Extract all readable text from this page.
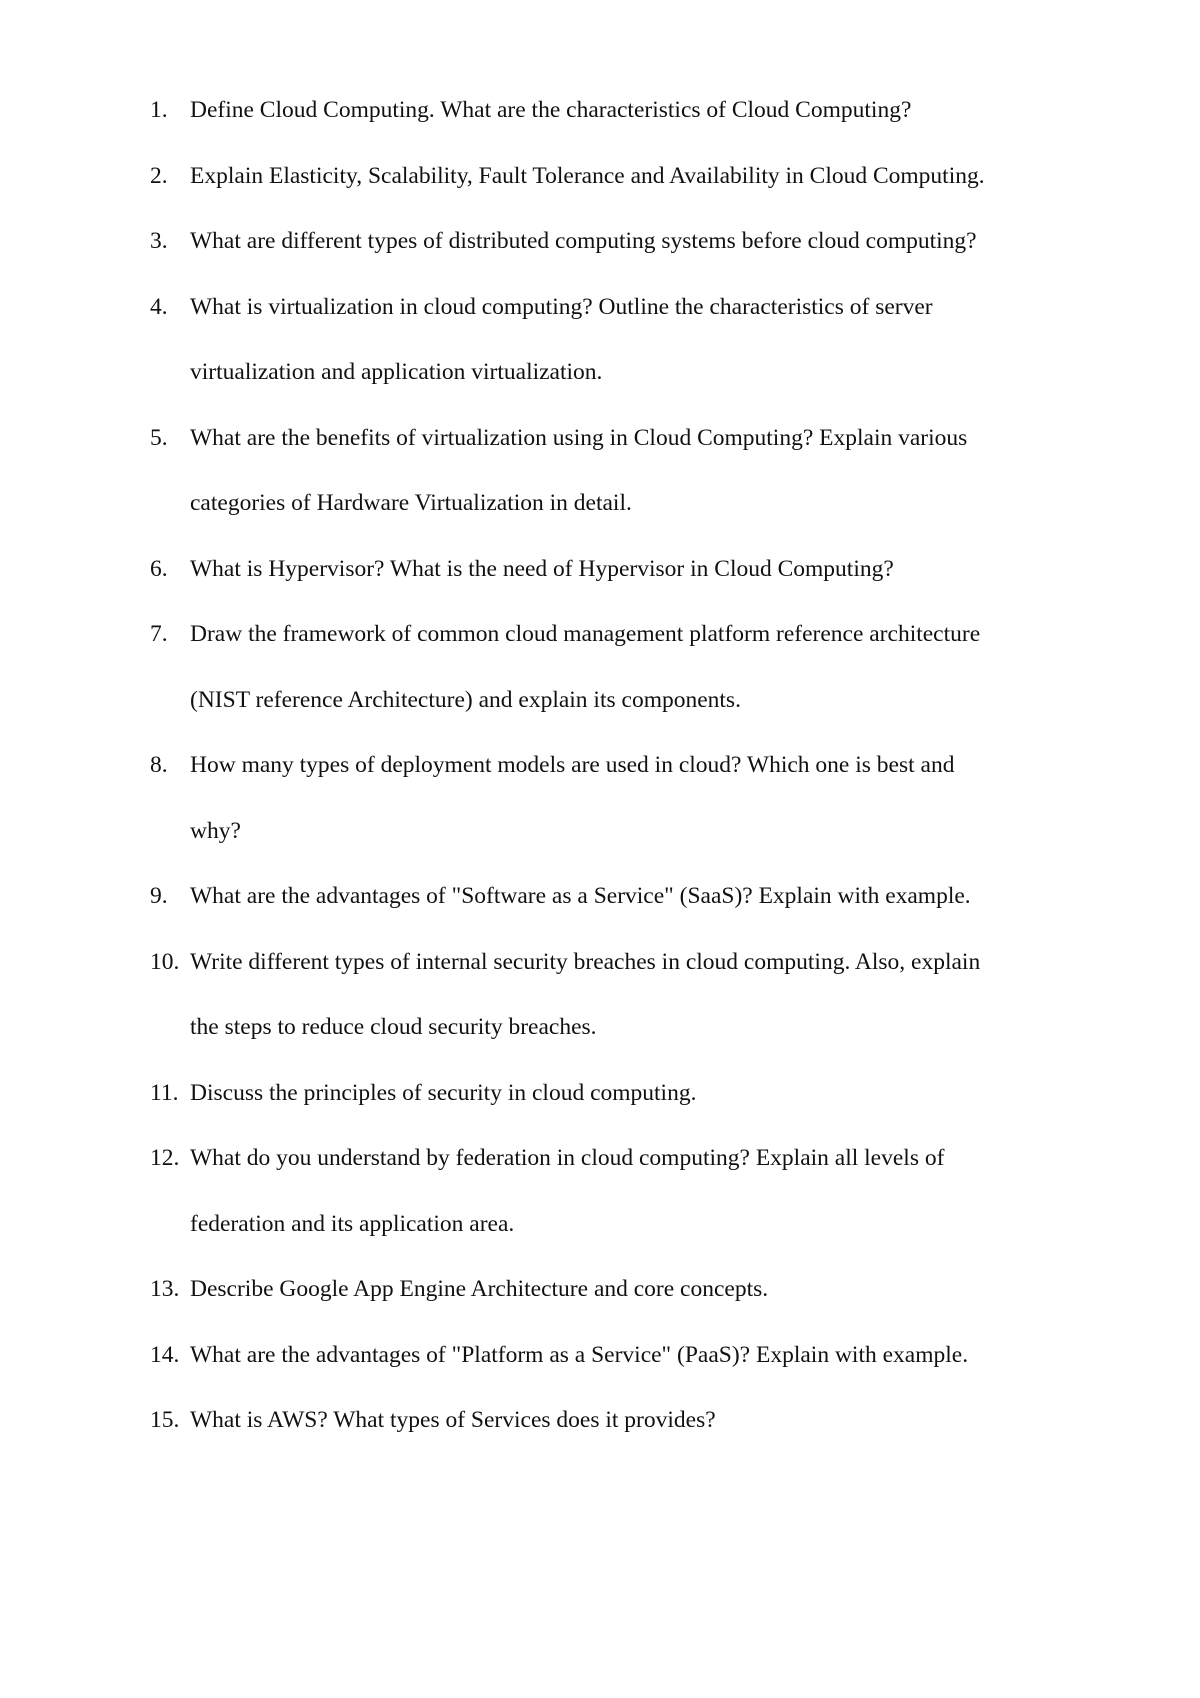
1. Define Cloud Computing. What are the characteristics of Cloud Computing?
2. Explain Elasticity, Scalability, Fault Tolerance and Availability in Cloud Computing.
3. What are different types of distributed computing systems before cloud computing?
4. What is virtualization in cloud computing? Outline the characteristics of server
virtualization and application virtualization.
5. What are the benefits of virtualization using in Cloud Computing? Explain various
categories of Hardware Virtualization in detail.
6. What is Hypervisor? What is the need of Hypervisor in Cloud Computing?
7. Draw the framework of common cloud management platform reference architecture
(NIST reference Architecture) and explain its components.
8. How many types of deployment models are used in cloud? Which one is best and
why?
9. What are the advantages of "Software as a Service" (SaaS)? Explain with example.
10. Write different types of internal security breaches in cloud computing. Also, explain
the steps to reduce cloud security breaches.
11. Discuss the principles of security in cloud computing.
12. What do you understand by federation in cloud computing? Explain all levels of
federation and its application area.
13. Describe Google App Engine Architecture and core concepts.
14. What are the advantages of "Platform as a Service" (PaaS)? Explain with example.
15. What is AWS? What types of Services does it provides?
